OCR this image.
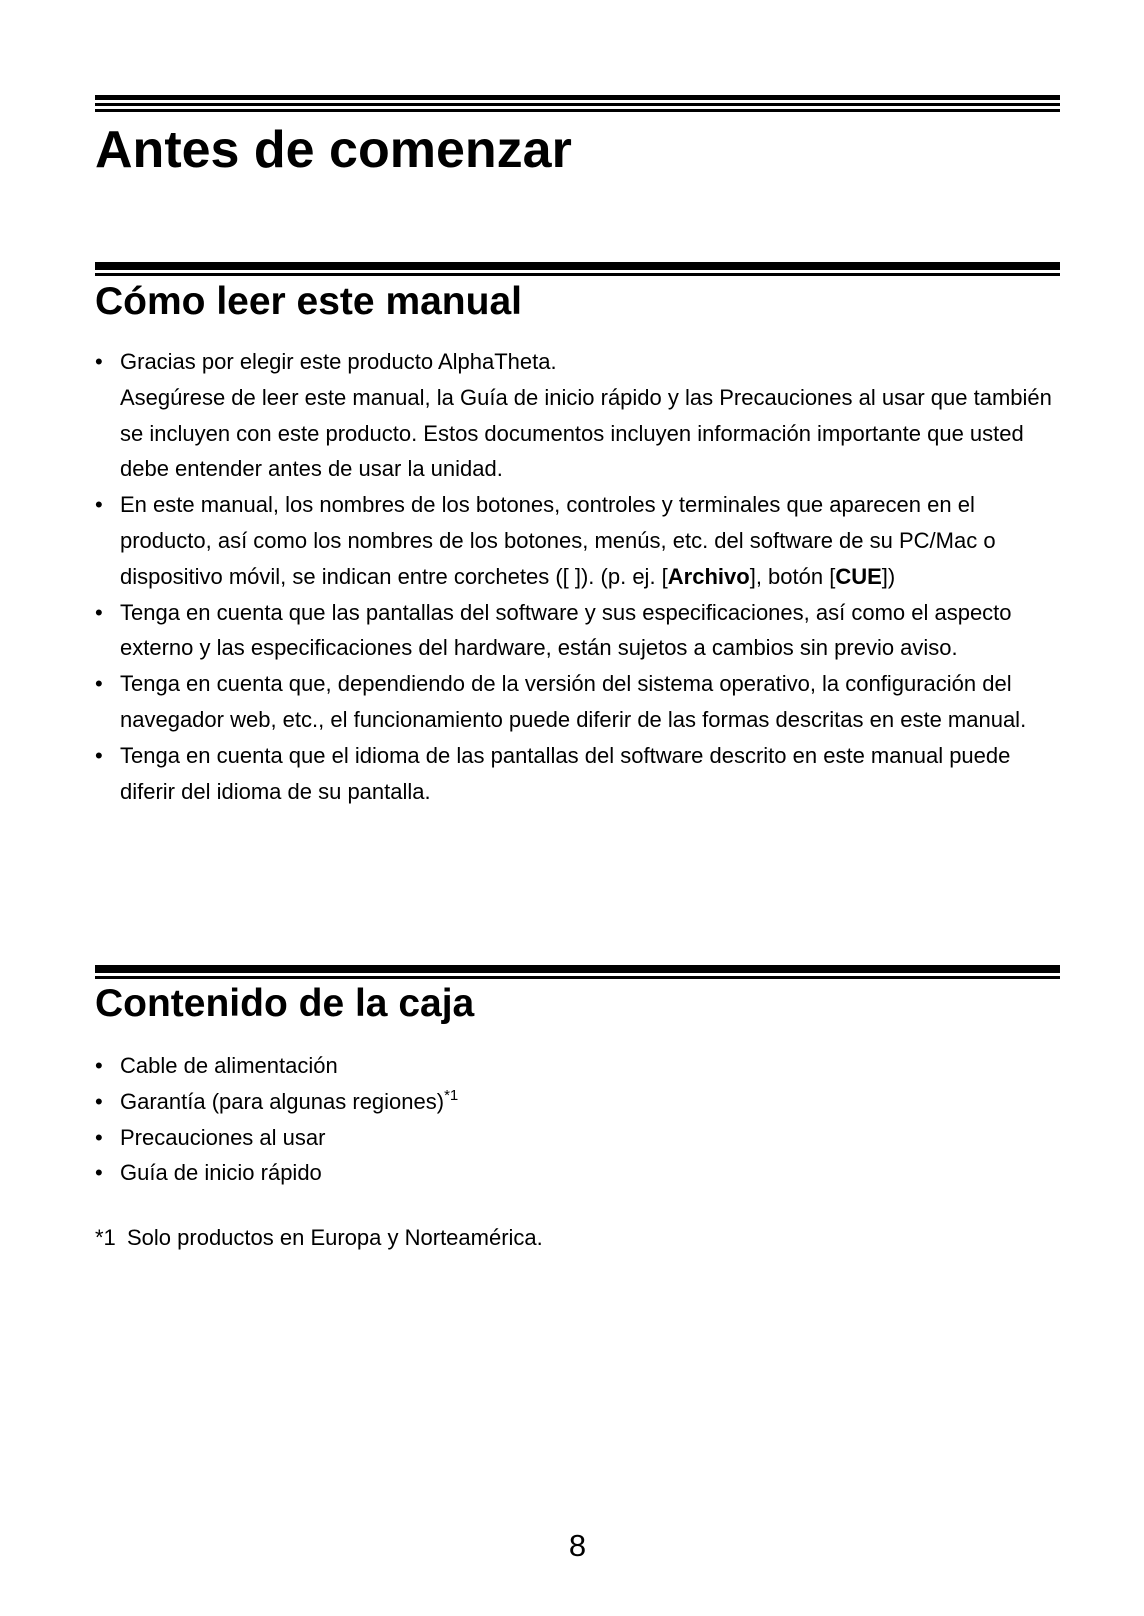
Antes de comenzar
Cómo leer este manual
• Gracias por elegir este producto AlphaTheta.
Asegúrese de leer este manual, la Guía de inicio rápido y las Precauciones al usar que también se incluyen con este producto. Estos documentos incluyen información importante que usted debe entender antes de usar la unidad.
• En este manual, los nombres de los botones, controles y terminales que aparecen en el producto, así como los nombres de los botones, menús, etc. del software de su PC/Mac o dispositivo móvil, se indican entre corchetes ([ ]). (p. ej. [Archivo], botón [CUE])
• Tenga en cuenta que las pantallas del software y sus especificaciones, así como el aspecto externo y las especificaciones del hardware, están sujetos a cambios sin previo aviso.
• Tenga en cuenta que, dependiendo de la versión del sistema operativo, la configuración del navegador web, etc., el funcionamiento puede diferir de las formas descritas en este manual.
• Tenga en cuenta que el idioma de las pantallas del software descrito en este manual puede diferir del idioma de su pantalla.
Contenido de la caja
• Cable de alimentación
• Garantía (para algunas regiones)$^{*1}$
• Precauciones al usar
• Guía de inicio rápido
*1 Solo productos en Europa y Norteamérica.
8
